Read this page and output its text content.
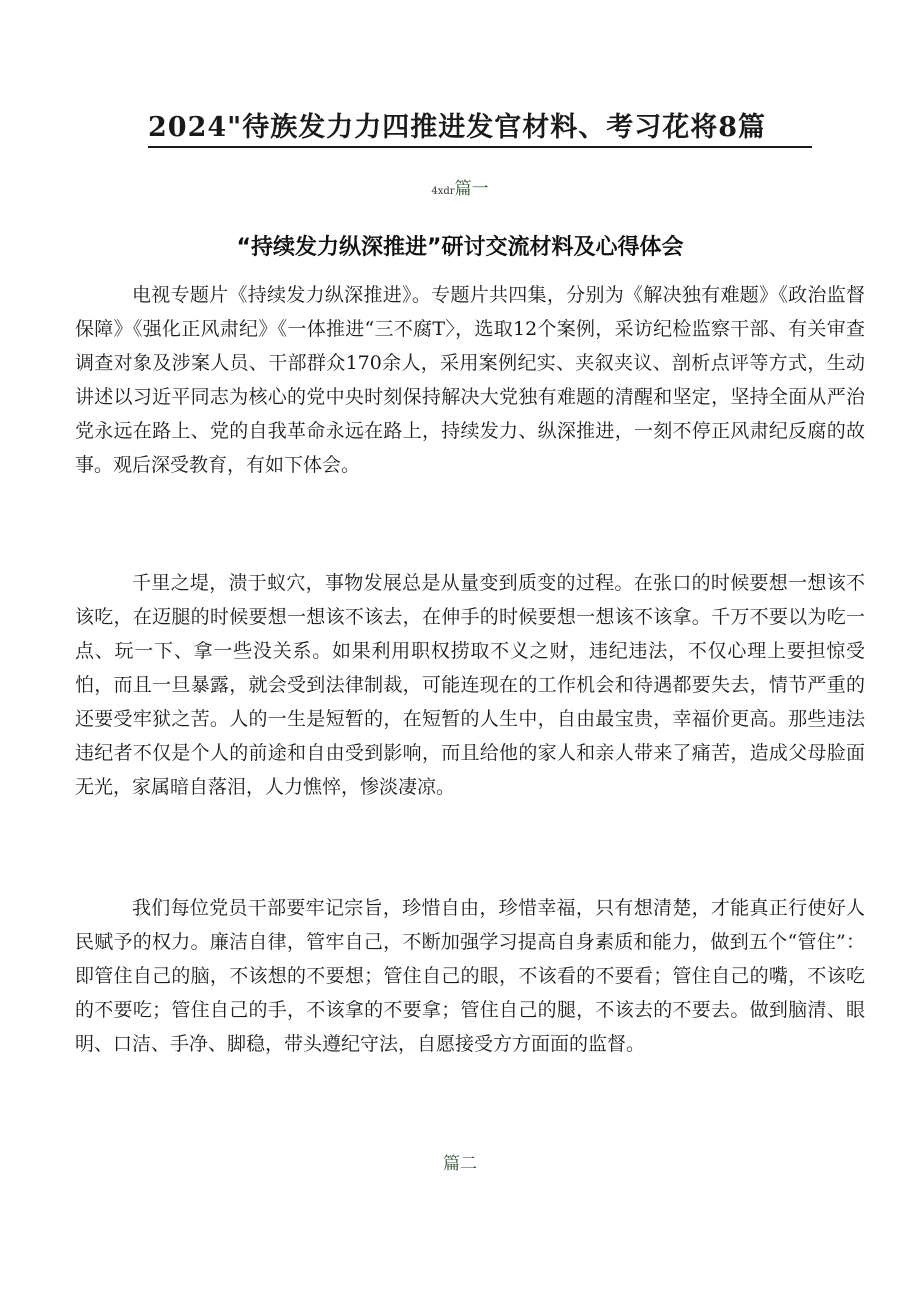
2024"待族发力力四推进发官材料、考习花将8篇
4xdr篇一
“持续发力纵深推进”研讨交流材料及心得体会

电视专题片《持续发力纵深推进》。专题片共四集，分别为《解决独有难题》《政治监督保障》《强化正风肃纪》《一体推进“三不腐T〉，选取12个案例，采访纪检监察干部、有关审查调查对象及涉案人员、干部群众170余人，采用案例纪实、夹叙夹议、剖析点评等方式，生动讲述以习近平同志为核心的党中央时刻保持解决大党独有难题的清醒和坚定，坚持全面从严治党永远在路上、党的自我革命永远在路上，持续发力、纵深推进，一刻不停正风肃纪反腐的故事。观后深受教育，有如下体会。

千里之堤，溃于蚁穴，事物发展总是从量变到质变的过程。在张口的时候要想一想该不该吃，在迈腿的时候要想一想该不该去，在伸手的时候要想一想该不该拿。千万不要以为吃一点、玩一下、拿一些没关系。如果利用职权捞取不义之财，违纪违法，不仅心理上要担惊受怕，而且一旦暴露，就会受到法律制裁，可能连现在的工作机会和待遇都要失去，情节严重的还要受牢狱之苦。人的一生是短暂的，在短暂的人生中，自由最宝贵，幸福价更高。那些违法违纪者不仅是个人的前途和自由受到影响，而且给他的家人和亲人带来了痛苦，造成父母脸面无光，家属暗自落泪，人力憔悴，惨淡凄凉。

我们每位党员干部要牢记宗旨，珍惜自由，珍惜幸福，只有想清楚，才能真正行使好人民赋予的权力。廉洁自律，管牢自己，不断加强学习提高自身素质和能力，做到五个“管住”：即管住自己的脑，不该想的不要想；管住自己的眼，不该看的不要看；管住自己的嘴，不该吃的不要吃；管住自己的手，不该拿的不要拿；管住自己的腿，不该去的不要去。做到脑清、眼明、口洁、手净、脚稳，带头遵纪守法，自愿接受方方面面的监督。

篇二
